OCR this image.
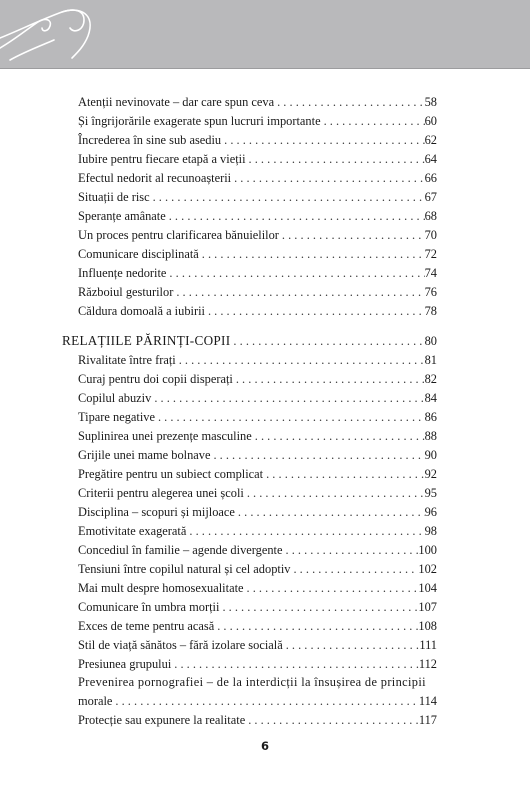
Atenții nevinovate – dar care spun ceva . . .	58
Și îngrijorările exagerate spun lucruri importante . . .	60
Încrederea în sine sub asediu . . .	62
Iubire pentru fiecare etapă a vieții . . .	64
Efectul nedorit al recunoașterii . . .	66
Situații de risc . . .	67
Speranțe amânate . . .	68
Un proces pentru clarificarea bănuielilor . . .	70
Comunicare disciplinată . . .	72
Influențe nedorite . . .	74
Războiul gesturilor . . .	76
Căldura domoală a iubirii . . .	78
RELAȚIILE PĂRINȚI-COPII . . .	80
Rivalitate între frați . . .	81
Curaj pentru doi copii disperați . . .	82
Copilul abuziv . . .	84
Tipare negative . . .	86
Suplinirea unei prezențe masculine . . .	88
Grijile unei mame bolnave . . .	90
Pregătire pentru un subiect complicat . . .	92
Criterii pentru alegerea unei școli . . .	95
Disciplina – scopuri și mijloace . . .	96
Emotivitate exagerată . . .	98
Concediul în familie – agende divergente . . .	100
Tensiuni între copilul natural și cel adoptiv . . .	102
Mai mult despre homosexualitate . . .	104
Comunicare în umbra morții . . .	107
Exces de teme pentru acasă . . .	108
Stil de viață sănătos – fără izolare socială . . .	111
Presiunea grupului . . .	112
Prevenirea pornografiei – de la interdicții la însușirea de principii
morale . . .	114
Protecție sau expunere la realitate . . .	117
6
